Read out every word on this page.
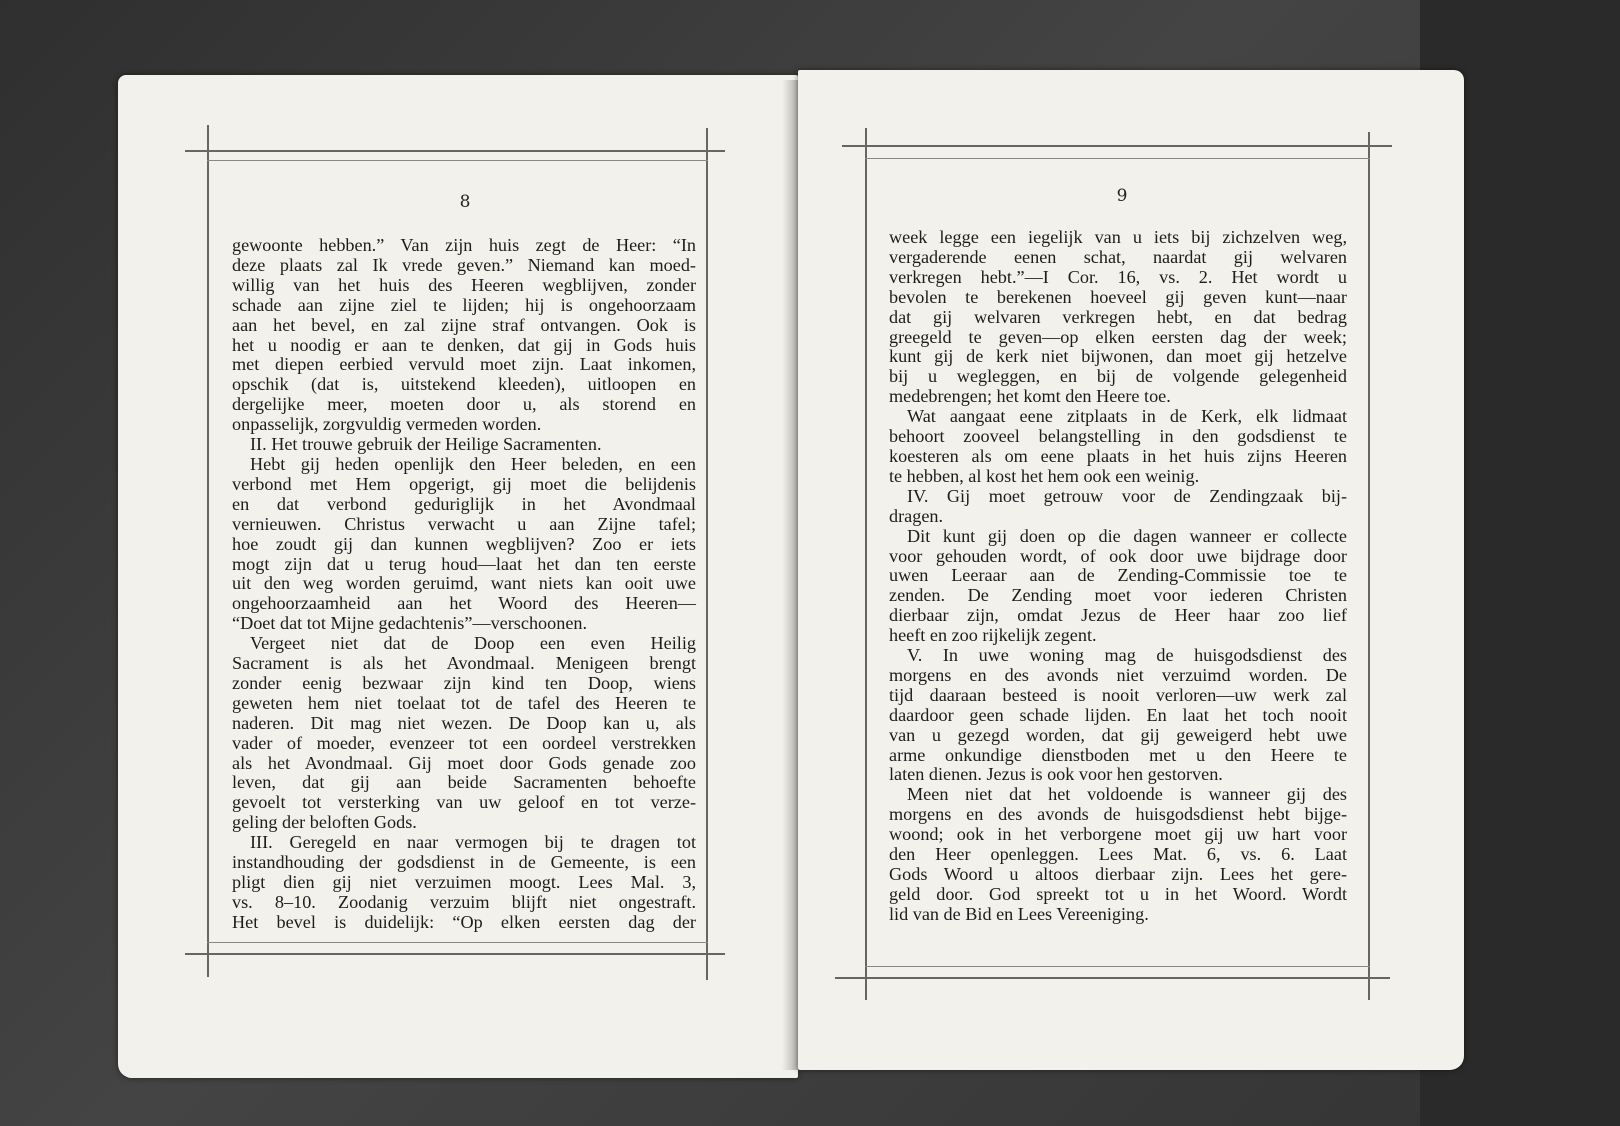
8

gewoonte hebben.” Van zijn huis zegt de Heer: “In

deze plaats zal Ik vrede geven.” Niemand kan moed-

willig van het huis des Heeren wegblijven, zonder

schade aan zijne ziel te lijden; hij is ongehoorzaam

aan het bevel, en zal zijne straf ontvangen. Ook is

het u noodig er aan te denken, dat gij in Gods huis

met diepen eerbied vervuld moet zijn. Laat inkomen,

opschik (dat is, uitstekend kleeden), uitloopen en

dergelijke meer, moeten door u, als storend en

onpasselijk, zorgvuldig vermeden worden.

II. Het trouwe gebruik der Heilige Sacramenten.

Hebt gij heden openlijk den Heer beleden, en een

verbond met Hem opgerigt, gij moet die belijdenis

en dat verbond geduriglijk in het Avondmaal

vernieuwen. Christus verwacht u aan Zijne tafel;

hoe zoudt gij dan kunnen wegblijven? Zoo er iets

mogt zijn dat u terug houd—laat het dan ten eerste

uit den weg worden geruimd, want niets kan ooit uwe

ongehoorzaamheid aan het Woord des Heeren—

“Doet dat tot Mijne gedachtenis”—verschoonen.

Vergeet niet dat de Doop een even Heilig

Sacrament is als het Avondmaal. Menigeen brengt

zonder eenig bezwaar zijn kind ten Doop, wiens

geweten hem niet toelaat tot de tafel des Heeren te

naderen. Dit mag niet wezen. De Doop kan u, als

vader of moeder, evenzeer tot een oordeel verstrekken

als het Avondmaal. Gij moet door Gods genade zoo

leven, dat gij aan beide Sacramenten behoefte

gevoelt tot versterking van uw geloof en tot verze-

geling der beloften Gods.

III. Geregeld en naar vermogen bij te dragen tot

instandhouding der godsdienst in de Gemeente, is een

pligt dien gij niet verzuimen moogt. Lees Mal. 3,

vs. 8–10. Zoodanig verzuim blijft niet ongestraft.

Het bevel is duidelijk: “Op elken eersten dag der

9

week legge een iegelijk van u iets bij zichzelven weg,

vergaderende eenen schat, naardat gij welvaren

verkregen hebt.”—I Cor. 16, vs. 2. Het wordt u

bevolen te berekenen hoeveel gij geven kunt—naar

dat gij welvaren verkregen hebt, en dat bedrag

greegeld te geven—op elken eersten dag der week;

kunt gij de kerk niet bijwonen, dan moet gij hetzelve

bij u wegleggen, en bij de volgende gelegenheid

medebrengen; het komt den Heere toe.

Wat aangaat eene zitplaats in de Kerk, elk lidmaat

behoort zooveel belangstelling in den godsdienst te

koesteren als om eene plaats in het huis zijns Heeren

te hebben, al kost het hem ook een weinig.

IV. Gij moet getrouw voor de Zendingzaak bij-

dragen.

Dit kunt gij doen op die dagen wanneer er collecte

voor gehouden wordt, of ook door uwe bijdrage door

uwen Leeraar aan de Zending-Commissie toe te

zenden. De Zending moet voor iederen Christen

dierbaar zijn, omdat Jezus de Heer haar zoo lief

heeft en zoo rijkelijk zegent.

V. In uwe woning mag de huisgodsdienst des

morgens en des avonds niet verzuimd worden. De

tijd daaraan besteed is nooit verloren—uw werk zal

daardoor geen schade lijden. En laat het toch nooit

van u gezegd worden, dat gij geweigerd hebt uwe

arme onkundige dienstboden met u den Heere te

laten dienen. Jezus is ook voor hen gestorven.

Meen niet dat het voldoende is wanneer gij des

morgens en des avonds de huisgodsdienst hebt bijge-

woond; ook in het verborgene moet gij uw hart voor

den Heer openleggen. Lees Mat. 6, vs. 6. Laat

Gods Woord u altoos dierbaar zijn. Lees het gere-

geld door. God spreekt tot u in het Woord. Wordt

lid van de Bid en Lees Vereeniging.
